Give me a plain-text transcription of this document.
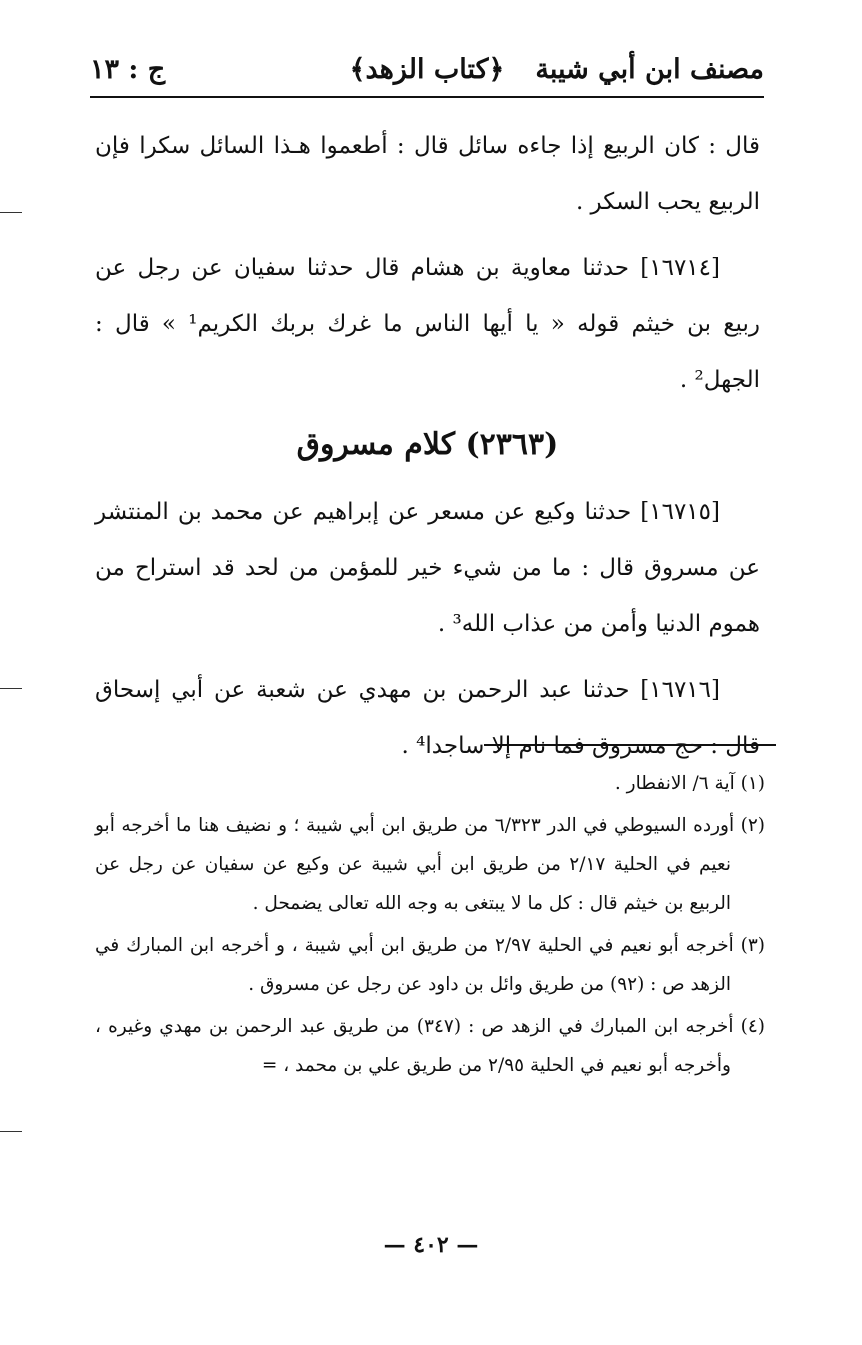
مصنف ابن أبي شيبة
﴿كتاب الزهد﴾
ج : ١٣

قال : كان الربيع إذا جاءه سائل قال : أطعموا هـذا السائل سكرا فإن الربيع يحب السكر .

[١٦٧١٤] حدثنا معاوية بن هشام قال حدثنا سفيان عن رجل عن ربيع بن خيثم قوله « يا أيها الناس ما غرك بربك الكريم¹ » قال : الجهل² .

(٢٣٦٣) كلام مسروق

[١٦٧١٥] حدثنا وكيع عن مسعر عن إبراهيم عن محمد بن المنتشر عن مسروق قال : ما من شيء خير للمؤمن من لحد قد استراح من هموم الدنيا وأمن من عذاب الله³ .

[١٦٧١٦] حدثنا عبد الرحمن بن مهدي عن شعبة عن أبي إسحاق قال : حج مسروق فما نام إلا ساجدا⁴ .

(١) آية ٦/ الانفطار .

(٢) أورده السيوطي في الدر ٦/٣٢٣ من طريق ابن أبي شيبة ؛ و نضيف هنا ما أخرجه أبو نعيم في الحلية ٢/١٧ من طريق ابن أبي شيبة عن وكيع عن سفيان عن رجل عن الربيع بن خيثم قال : كل ما لا يبتغى به وجه الله تعالى يضمحل .

(٣) أخرجه أبو نعيم في الحلية ٢/٩٧ من طريق ابن أبي شيبة ، و أخرجه ابن المبارك في الزهد ص : (٩٢) من طريق وائل بن داود عن رجل عن مسروق .

(٤) أخرجه ابن المبارك في الزهد ص : (٣٤٧) من طريق عبد الرحمن بن مهدي وغيره ، وأخرجه أبو نعيم في الحلية ٢/٩٥ من طريق علي بن محمد ، =

— ٤٠٢ —
